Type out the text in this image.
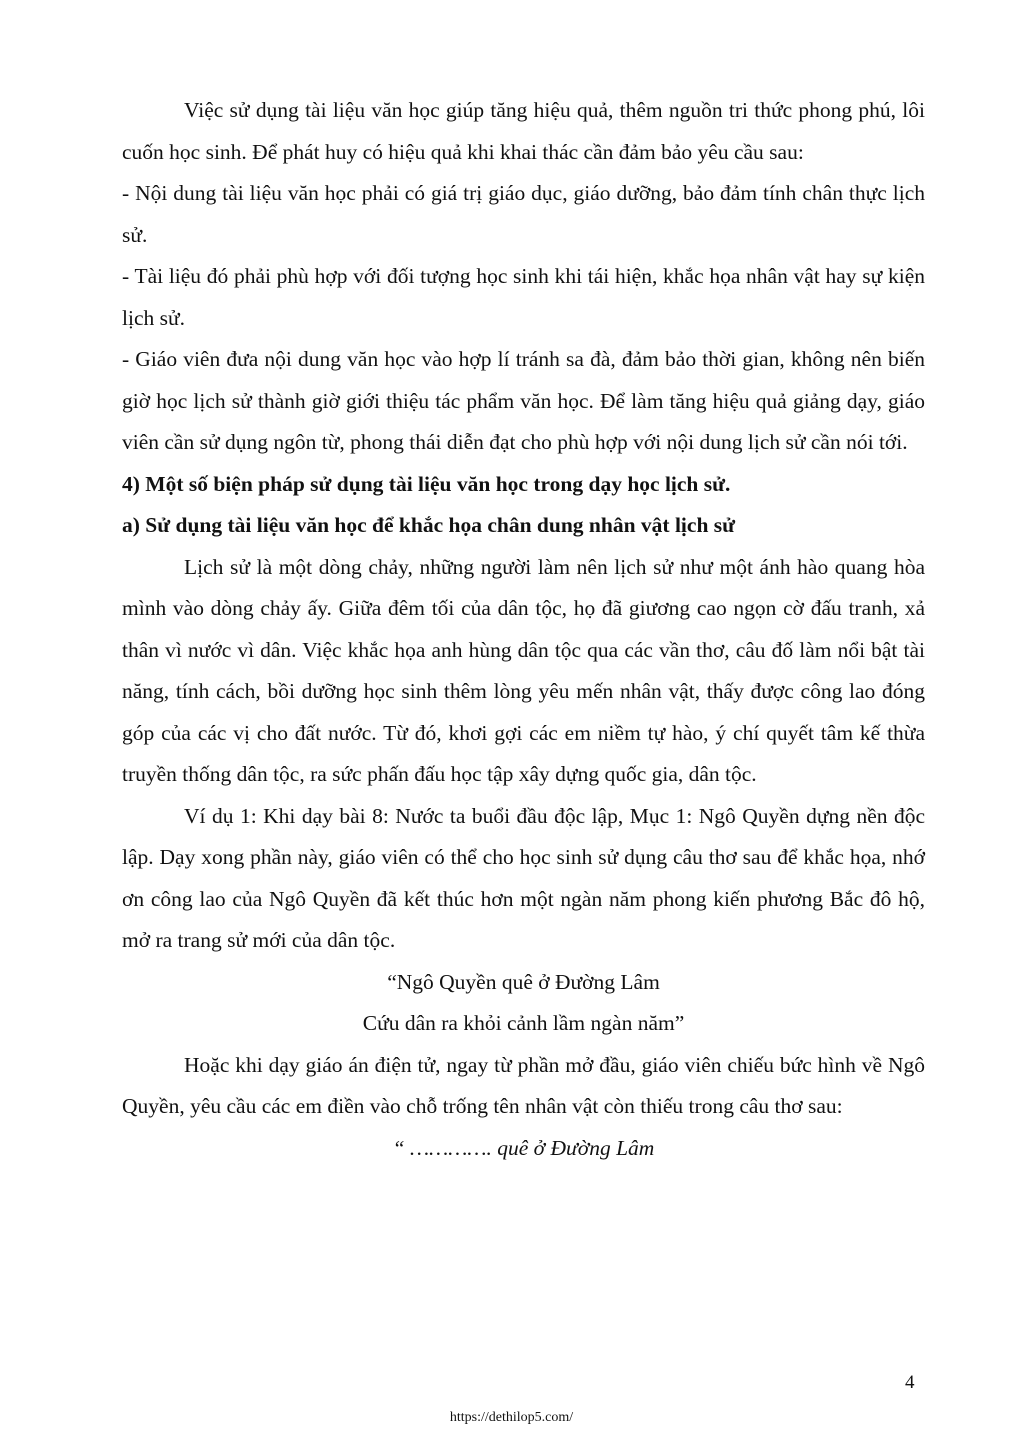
Việc sử dụng tài liệu văn học giúp tăng hiệu quả, thêm nguồn tri thức phong phú, lôi cuốn học sinh. Để phát huy có hiệu quả khi khai thác cần đảm bảo yêu cầu sau:

- Nội dung tài liệu văn học phải có giá trị giáo dục, giáo dưỡng, bảo đảm tính chân thực lịch sử.

- Tài liệu đó phải phù hợp với đối tượng học sinh khi tái hiện, khắc họa nhân vật hay sự kiện lịch sử.

- Giáo viên đưa nội dung văn học vào hợp lí tránh sa đà, đảm bảo thời gian, không nên biến giờ học lịch sử thành giờ giới thiệu tác phẩm văn học. Để làm tăng hiệu quả giảng dạy, giáo viên cần sử dụng ngôn từ, phong thái diễn đạt cho phù hợp với nội dung lịch sử cần nói tới.

4) Một số biện pháp sử dụng tài liệu văn học trong dạy học lịch sử.

a) Sử dụng tài liệu văn học để khắc họa chân dung nhân vật lịch sử

Lịch sử là một dòng chảy, những người làm nên lịch sử như một ánh hào quang hòa mình vào dòng chảy ấy. Giữa đêm tối của dân tộc, họ đã giương cao ngọn cờ đấu tranh, xả thân vì nước vì dân. Việc khắc họa anh hùng dân tộc qua các vần thơ, câu đố làm nổi bật tài năng, tính cách, bồi dưỡng học sinh thêm lòng yêu mến nhân vật, thấy được công lao đóng góp của các vị cho đất nước. Từ đó, khơi gợi các em niềm tự hào, ý chí quyết tâm kế thừa truyền thống dân tộc, ra sức phấn đấu học tập xây dựng quốc gia, dân tộc.

Ví dụ 1: Khi dạy bài 8: Nước ta buổi đầu độc lập, Mục 1: Ngô Quyền dựng nền độc lập. Dạy xong phần này, giáo viên có thể cho học sinh sử dụng câu thơ sau để khắc họa, nhớ ơn công lao của Ngô Quyền đã kết thúc hơn một ngàn năm phong kiến phương Bắc đô hộ, mở ra trang sử mới của dân tộc.

“Ngô Quyền quê ở Đường Lâm

Cứu dân ra khỏi cảnh lầm ngàn năm”

Hoặc khi dạy giáo án điện tử, ngay từ phần mở đầu, giáo viên chiếu bức hình về Ngô Quyền, yêu cầu các em điền vào chỗ trống tên nhân vật còn thiếu trong câu thơ sau:

“ …………. quê ở Đường Lâm

4
https://dethilop5.com/
